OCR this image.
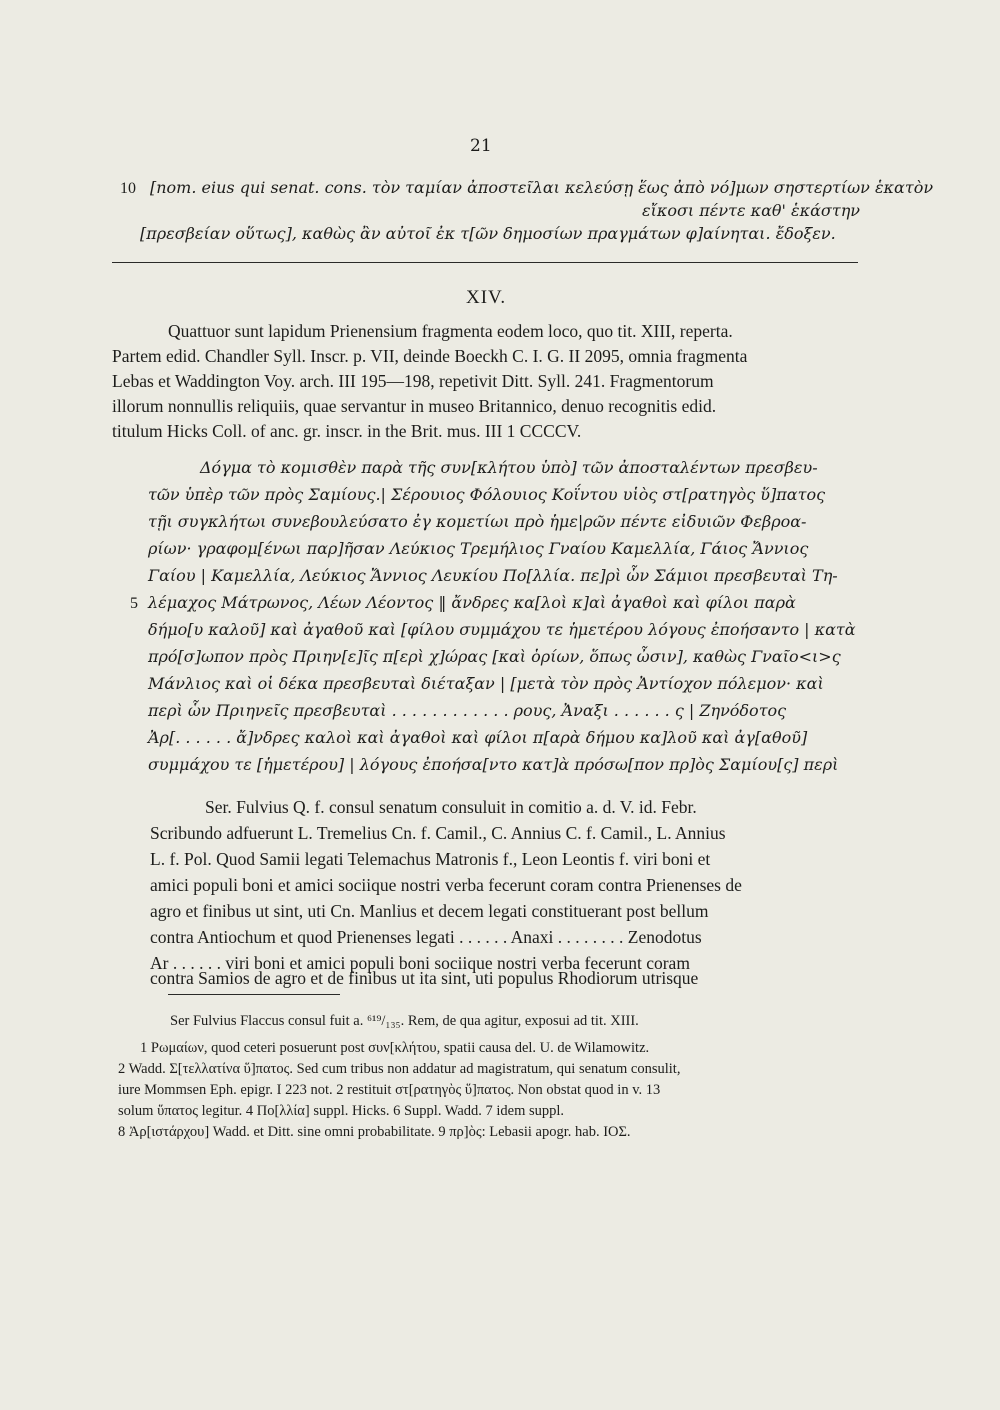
21
10 [nom. eius qui senat. cons. τὸν ταμίαν ἀποστεῖλαι κελεύσῃ ἕως ἀπὸ νό]μων σηστερτίων ἑκατὸν
εἴκοσι πέντε καθ' ἑκάστην
[πρεσβείαν οὕτως], καθὼς ἂν αὐτοῖ ἐκ τ[ῶν δημοσίων πραγμάτων φ]αίνηται. ἔδοξεν.
XIV.
Quattuor sunt lapidum Prienensium fragmenta eodem loco, quo tit. XIII, reperta.
Partem edid. Chandler Syll. Inscr. p. VII, deinde Boeckh C. I. G. II 2095, omnia fragmenta
Lebas et Waddington Voy. arch. III 195—198, repetivit Ditt. Syll. 241. Fragmentorum
illorum nonnullis reliquiis, quae servantur in museo Britannico, denuo recognitis edid.
titulum Hicks Coll. of anc. gr. inscr. in the Brit. mus. III 1 CCCCV.
Δόγμα τὸ κομισθὲν παρὰ τῆς συν[κλήτου ὑπὸ] τῶν ἀποσταλέντων πρεσβευ-
τῶν ὑπὲρ τῶν πρὸς Σαμίους.| Σέρουιος Φόλουιος Κοΐντου υἱὸς στ[ρατηγὸς ὕ]πατος
τῇι συγκλήτωι συνεβουλεύσατο ἐγ κομετίωι πρὸ ἡμε|ρῶν πέντε εἰδυιῶν Φεβροα-
ρίων· γραφομ[ένωι παρ]ῆσαν Λεύκιος Τρεμήλιος Γναίου Καμελλία, Γάιος Ἄννιος
Γαίου | Καμελλία, Λεύκιος Ἄννιος Λευκίου Πο[λλία. πε]ρὶ ὧν Σάμιοι πρεσβευταὶ Τη-
5 λέμαχος Μάτρωνος, Λέων Λέοντος ‖ ἄνδρες κα[λοὶ κ]αὶ ἀγαθοὶ καὶ φίλοι παρὰ
δήμο[υ καλοῦ] καὶ ἀγαθοῦ καὶ [φίλου συμμάχου τε ἡμετέρου λόγους ἐποήσαντο | κατὰ
πρό[σ]ωπον πρὸς Πριην[ε]ῖς π[ερὶ χ]ώρας [καὶ ὁρίων, ὅπως ὦσιν], καθὼς Γναῖο<ι>ς
Μάνλιος καὶ οἱ δέκα πρεσβευταὶ διέταξαν | [μετὰ τὸν πρὸς Ἀντίοχον πόλεμον· καὶ
περὶ ὧν Πριηνεῖς πρεσβευταὶ . . . . . . . . . . . . ρους, Ἀναξι . . . . . . ς | Ζηνόδοτος
Ἀρ[. . . . . . ἄ]νδρες καλοὶ καὶ ἀγαθοὶ καὶ φίλοι π[αρὰ δήμου κα]λοῦ καὶ ἀγ[αθοῦ]
συμμάχου τε [ἡμετέρου] | λόγους ἐποήσα[ντο κατ]ὰ πρόσω[πον πρ]ὸς Σαμίου[ς] περὶ
Ser. Fulvius Q. f. consul senatum consuluit in comitio a. d. V. id. Febr.
Scribundo adfuerunt L. Tremelius Cn. f. Camil., C. Annius C. f. Camil., L. Annius
L. f. Pol. Quod Samii legati Telemachus Matronis f., Leon Leontis f. viri boni et
amici populi boni et amici sociique nostri verba fecerunt coram contra Prienenses de
agro et finibus ut sint, uti Cn. Manlius et decem legati constituerant post bellum
contra Antiochum et quod Prienenses legati . . . . . . Anaxi . . . . . . . . Zenodotus
Ar . . . . . . viri boni et amici populi boni sociique nostri verba fecerunt coram
contra Samios de agro et de finibus ut ita sint, uti populus Rhodiorum utrisque
Ser Fulvius Flaccus consul fuit a. ⁶¹⁹/₁₃₅. Rem, de qua agitur, exposui ad tit. XIII.
1 Ρωμαίων, quod ceteri posuerunt post συν[κλήτου, spatii causa del. U. de Wilamowitz.
2 Wadd. Σ[τελλατίνα ὕ]πατος. Sed cum tribus non addatur ad magistratum, qui senatum consulit,
iure Mommsen Eph. epigr. I 223 not. 2 restituit στ[ρατηγὸς ὕ]πατος. Non obstat quod in v. 13
solum ὕπατος legitur. 4 Πο[λλία] suppl. Hicks. 6 Suppl. Wadd. 7 idem suppl.
8 Ἀρ[ιστάρχου] Wadd. et Ditt. sine omni probabilitate. 9 πρ]ὸς: Lebasii apogr. hab. ΙΟΣ.
